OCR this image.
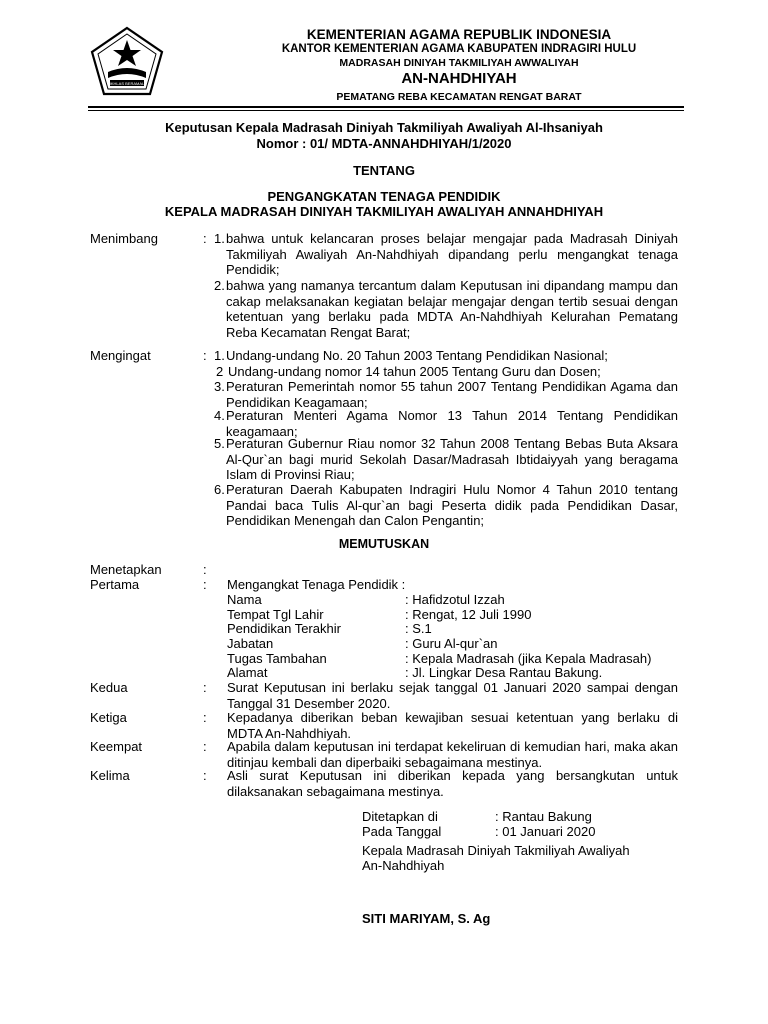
IKHLAS BERAMAL
KEMENTERIAN AGAMA REPUBLIK INDONESIA
KANTOR KEMENTERIAN AGAMA KABUPATEN INDRAGIRI HULU
MADRASAH DINIYAH TAKMILIYAH AWWALIYAH
AN-NAHDHIYAH
PEMATANG REBA KECAMATAN RENGAT BARAT
Keputusan Kepala Madrasah Diniyah Takmiliyah Awaliyah Al-Ihsaniyah
Nomor : 01/ MDTA-ANNAHDHIYAH/1/2020
TENTANG
PENGANGKATAN TENAGA PENDIDIK
KEPALA MADRASAH DINIYAH TAKMILIYAH AWALIYAH ANNAHDHIYAH
Menimbang	: 1. bahwa untuk kelancaran proses belajar mengajar pada Madrasah Diniyah Takmiliyah Awaliyah An-Nahdhiyah dipandang perlu mengangkat tenaga Pendidik;
2. bahwa yang namanya tercantum dalam Keputusan ini dipandang mampu dan cakap melaksanakan kegiatan belajar mengajar dengan tertib sesuai dengan ketentuan yang berlaku pada MDTA An-Nahdhiyah Kelurahan Pematang Reba Kecamatan Rengat Barat;
Mengingat	: 1. Undang-undang No. 20 Tahun 2003 Tentang Pendidikan Nasional;
2 Undang-undang nomor 14 tahun 2005 Tentang Guru dan Dosen;
3. Peraturan Pemerintah nomor 55 tahun 2007 Tentang Pendidikan Agama dan Pendidikan Keagamaan;
4. Peraturan Menteri Agama Nomor 13 Tahun 2014 Tentang Pendidikan keagamaan;
5. Peraturan Gubernur Riau nomor 32 Tahun 2008 Tentang Bebas Buta Aksara Al-Qur`an bagi murid Sekolah Dasar/Madrasah Ibtidaiyyah yang beragama Islam di Provinsi Riau;
6. Peraturan Daerah Kabupaten Indragiri Hulu Nomor 4 Tahun 2010 tentang Pandai baca Tulis Al-qur`an bagi Peserta didik pada Pendidikan Dasar, Pendidikan Menengah dan Calon Pengantin;
MEMUTUSKAN
Menetapkan	:
Pertama	: Mengangkat Tenaga Pendidik :
Nama	: Hafidzotul Izzah
Tempat Tgl Lahir	: Rengat, 12 Juli 1990
Pendidikan Terakhir	: S.1
Jabatan	: Guru Al-qur`an
Tugas Tambahan	: Kepala Madrasah (jika Kepala Madrasah)
Alamat	: Jl. Lingkar Desa Rantau Bakung.
Kedua	: Surat Keputusan ini berlaku sejak tanggal 01 Januari 2020 sampai dengan Tanggal 31 Desember 2020.
Ketiga	: Kepadanya diberikan beban kewajiban sesuai ketentuan yang berlaku di MDTA An-Nahdhiyah.
Keempat	: Apabila dalam keputusan ini terdapat kekeliruan di kemudian hari, maka akan ditinjau kembali dan diperbaiki sebagaimana mestinya.
Kelima	: Asli surat Keputusan ini diberikan kepada yang bersangkutan untuk dilaksanakan sebagaimana mestinya.
Ditetapkan di	: Rantau Bakung
Pada Tanggal	: 01 Januari 2020
Kepala Madrasah Diniyah Takmiliyah Awaliyah
An-Nahdhiyah
SITI MARIYAM, S. Ag
